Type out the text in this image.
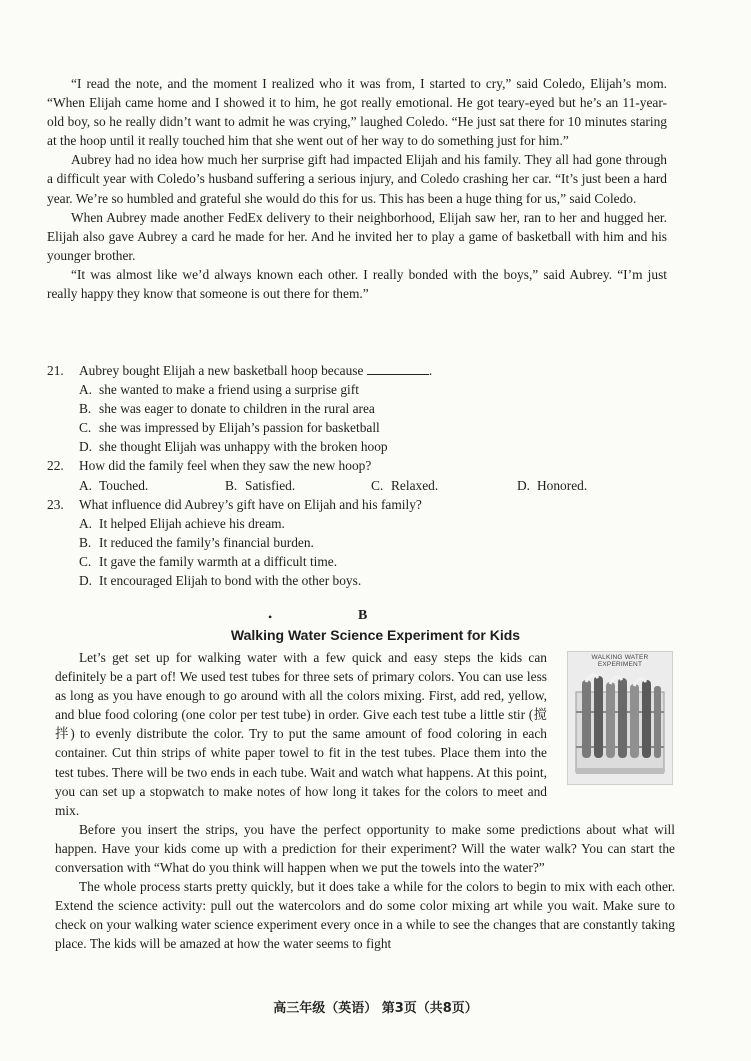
“I read the note, and the moment I realized who it was from, I started to cry,” said Coledo, Elijah’s mom. “When Elijah came home and I showed it to him, he got really emotional. He got teary-eyed but he’s an 11-year-old boy, so he really didn’t want to admit he was crying,” laughed Coledo. “He just sat there for 10 minutes staring at the hoop until it really touched him that she went out of her way to do something just for him.”

Aubrey had no idea how much her surprise gift had impacted Elijah and his family. They all had gone through a difficult year with Coledo’s husband suffering a serious injury, and Coledo crashing her car. “It’s just been a hard year. We’re so humbled and grateful she would do this for us. This has been a huge thing for us,” said Coledo.

When Aubrey made another FedEx delivery to their neighborhood, Elijah saw her, ran to her and hugged her. Elijah also gave Aubrey a card he made for her. And he invited her to play a game of basketball with him and his younger brother.

“It was almost like we’d always known each other. I really bonded with the boys,” said Aubrey. “I’m just really happy they know that someone is out there for them.”

21.	Aubrey bought Elijah a new basketball hoop because	.
A. she wanted to make a friend using a surprise gift
B. she was eager to donate to children in the rural area
C. she was impressed by Elijah’s passion for basketball
D. she thought Elijah was unhappy with the broken hoop
22.	How did the family feel when they saw the new hoop?
A. Touched.	B. Satisfied.	C. Relaxed.	D. Honored.
23.	What influence did Aubrey’s gift have on Elijah and his family?
A. It helped Elijah achieve his dream.
B. It reduced the family’s financial burden.
C. It gave the family warmth at a difficult time.
D. It encouraged Elijah to bond with the other boys.
•	B
Walking Water Science Experiment for Kids
WALKING WATER EXPERIMENT

Let’s get set up for walking water with a few quick and easy steps the kids can definitely be a part of! We used test tubes for three sets of primary colors. You can use less as long as you have enough to go around with all the colors mixing. First, add red, yellow, and blue food coloring (one color per test tube) in order. Give each test tube a little stir (搅拌) to evenly distribute the color. Try to put the same amount of food coloring in each container. Cut thin strips of white paper towel to fit in the test tubes. Place them into the test tubes. There will be two ends in each tube. Wait and watch what happens. At this point, you can set up a stopwatch to make notes of how long it takes for the colors to meet and mix.

Before you insert the strips, you have the perfect opportunity to make some predictions about what will happen. Have your kids come up with a prediction for their experiment? Will the water walk? You can start the conversation with “What do you think will happen when we put the towels into the water?”

The whole process starts pretty quickly, but it does take a while for the colors to begin to mix with each other. Extend the science activity: pull out the watercolors and do some color mixing art while you wait. Make sure to check on your walking water science experiment every once in a while to see the changes that are constantly taking place. The kids will be amazed at how the water seems to fight

高三年级（英语） 第3页（共8页）
